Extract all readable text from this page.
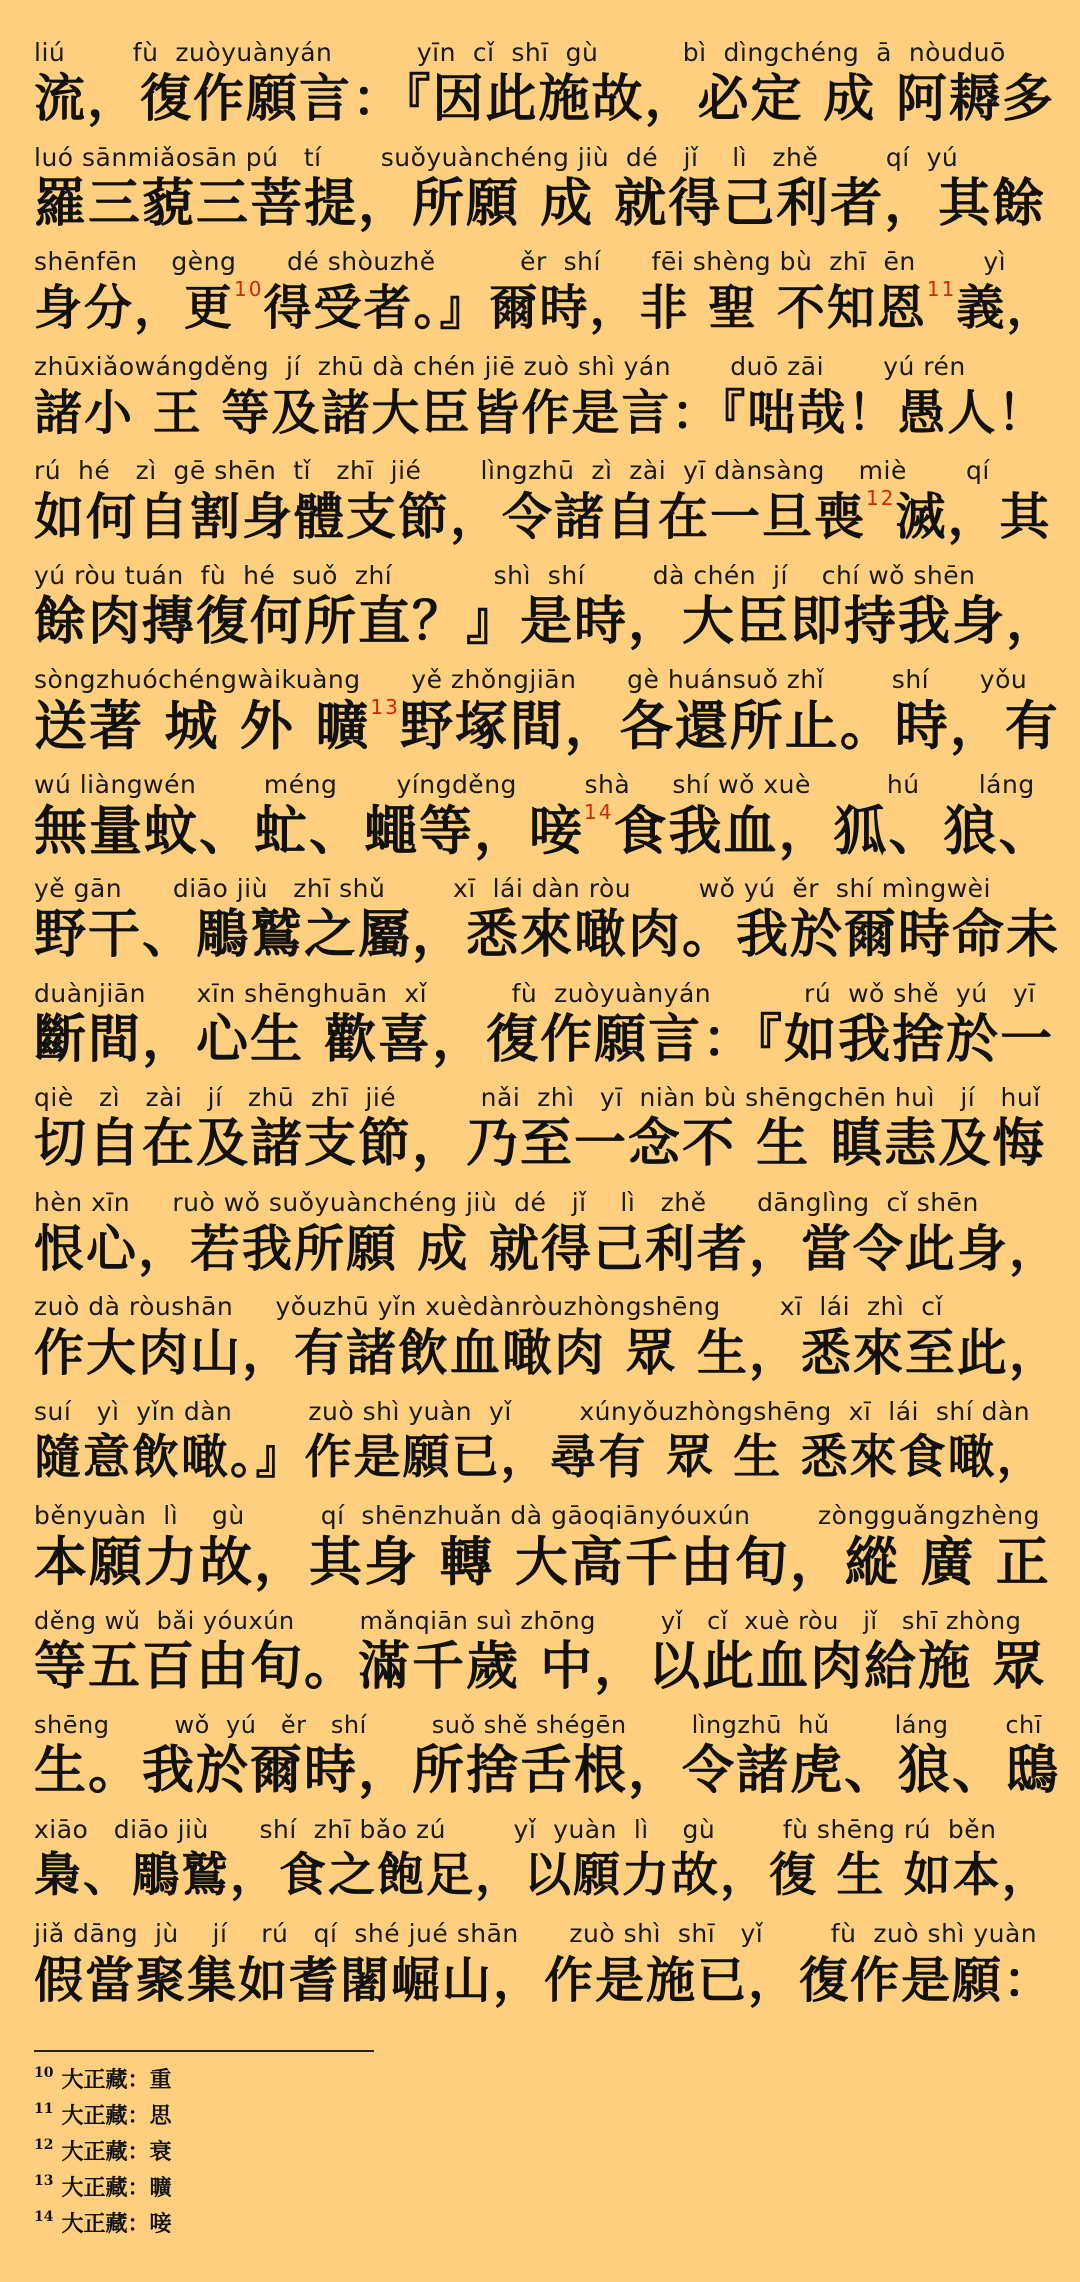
liú        fù  zuòyuànyán          yīn  cǐ  shī  gù          bì  dìngchéng  ā  nòuduō
流，復作願言：『因此施故，必定 成 阿耨多
luó sānmiǎosān pú   tí       suǒyuànchéng jiù  dé   jǐ    lì   zhě        qí  yú
羅三藐三菩提，所願 成 就得己利者，其餘
shēnfēn    gèng      dé shòuzhě          ěr  shí      fēi shèng bù  zhī  ēn        yì
身分，更10得受者。』爾時，非 聖 不知恩11義，
zhūxiǎowángděng  jí  zhū dà chén jiē zuò shì yán       duō zāi       yú rén
諸小 王 等及諸大臣皆作是言：『咄哉！愚人！
rú  hé   zì  gē shēn  tǐ   zhī  jié       lìngzhū  zì  zài  yī dànsàng    miè       qí
如何自割身體支節，令諸自在一旦喪12滅，其
yú ròu tuán  fù  hé  suǒ  zhí            shì  shí        dà chén  jí    chí wǒ shēn
餘肉摶復何所直？』是時，大臣即持我身，
sòngzhuóchéngwàikuàng      yě zhǒngjiān      gè huánsuǒ zhǐ        shí      yǒu
送著 城 外 曠13野塚間，各還所止。時，有
wú liàngwén        méng       yíngděng        shà     shí wǒ xuè         hú       láng
無量蚊、虻、蠅等，唼14食我血，狐、狼、
yě gān      diāo jiù   zhī shǔ        xī  lái dàn ròu        wǒ yú  ěr  shí mìngwèi
野干、鵰鷲之屬，悉來噉肉。我於爾時命未
duànjiān      xīn shēnghuān  xǐ          fù  zuòyuànyán           rú  wǒ shě  yú   yī
斷間，心生 歡喜，復作願言：『如我捨於一
qiè   zì   zài   jí   zhū  zhī  jié          nǎi  zhì   yī  niàn bù shēngchēn huì   jí   huǐ
切自在及諸支節，乃至一念不 生 瞋恚及悔
hèn xīn     ruò wǒ suǒyuànchéng jiù  dé   jǐ    lì   zhě      dānglìng  cǐ shēn
恨心，若我所願 成 就得己利者，當令此身，
zuò dà ròushān     yǒuzhū yǐn xuèdànròuzhòngshēng       xī  lái  zhì  cǐ
作大肉山，有諸飲血噉肉 眾 生，悉來至此，
suí   yì  yǐn dàn         zuò shì yuàn  yǐ        xúnyǒuzhòngshēng  xī  lái  shí dàn
隨意飲噉。』作是願已，尋有 眾 生 悉來食噉，
běnyuàn  lì    gù         qí  shēnzhuǎn dà gāoqiānyóuxún        zòngguǎngzhèng
本願力故，其身 轉 大高千由旬，縱 廣 正
děng wǔ  bǎi yóuxún        mǎnqiān suì zhōng        yǐ   cǐ  xuè ròu   jǐ   shī zhòng
等五百由旬。滿千歲 中，以此血肉給施 眾
shēng        wǒ  yú   ěr   shí        suǒ shě shégēn        lìngzhū  hǔ        láng       chī
生。我於爾時，所捨舌根，令諸虎、狼、鴟
xiāo   diāo jiù      shí  zhī bǎo zú        yǐ  yuàn  lì    gù        fù shēng rú  běn
梟、鵰鷲，食之飽足，以願力故，復 生 如本，
jiǎ dāng  jù    jí    rú   qí  shé jué shān      zuò shì  shī   yǐ        fù  zuò shì yuàn
假當聚集如耆闍崛山，作是施已，復作是願：
$^{10}$ 大正藏：重
$^{11}$ 大正藏：思
$^{12}$ 大正藏：衰
$^{13}$ 大正藏：曠
$^{14}$ 大正藏：唼
